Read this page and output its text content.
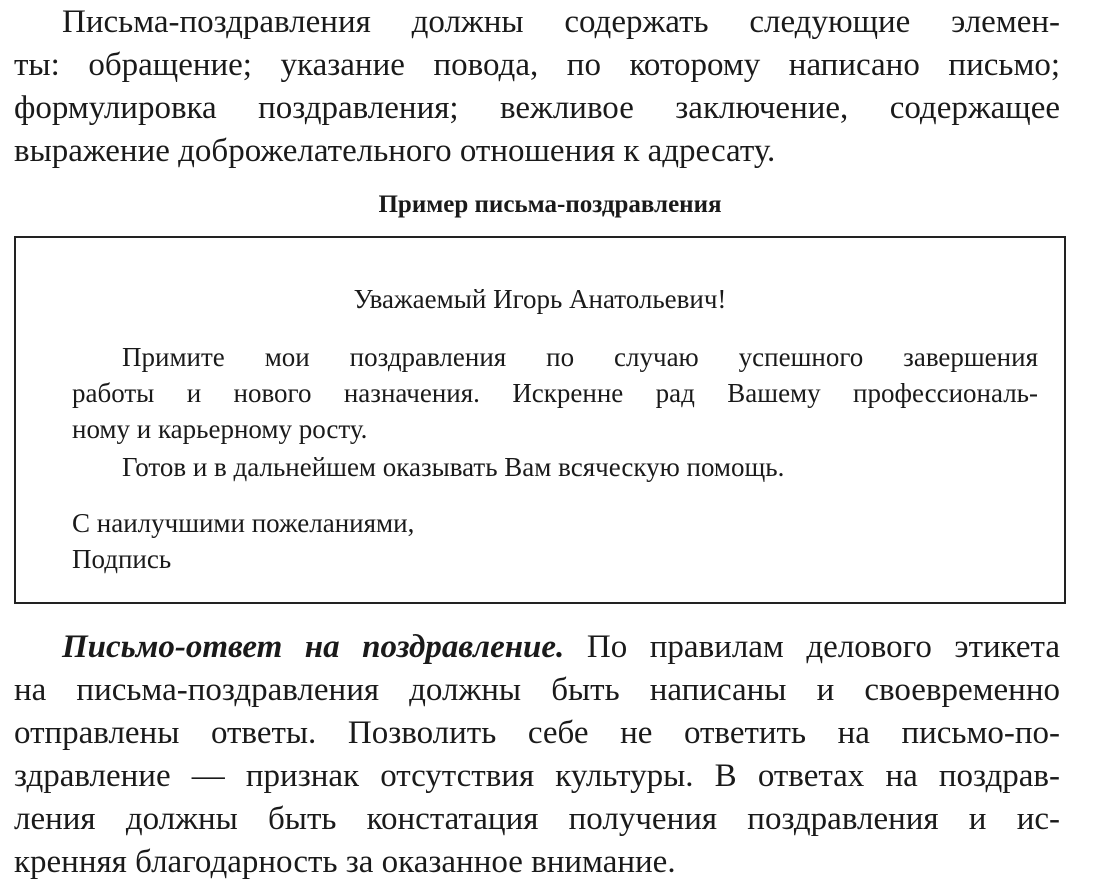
Письма-поздравления должны содержать следующие элемен-
ты: обращение; указание повода, по которому написано письмо;
формулировка поздравления; вежливое заключение, содержащее
выражение доброжелательного отношения к адресату.
Пример письма-поздравления
Уважаемый Игорь Анатольевич!
Примите мои поздравления по случаю успешного завершения
работы и нового назначения. Искренне рад Вашему профессиональ-
ному и карьерному росту.
Готов и в дальнейшем оказывать Вам всяческую помощь.
С наилучшими пожеланиями,
Подпись
Письмо-ответ на поздравление. По правилам делового этикета
на письма-поздравления должны быть написаны и своевременно
отправлены ответы. Позволить себе не ответить на письмо-по-
здравление — признак отсутствия культуры. В ответах на поздрав-
ления должны быть констатация получения поздравления и ис-
кренняя благодарность за оказанное внимание.
